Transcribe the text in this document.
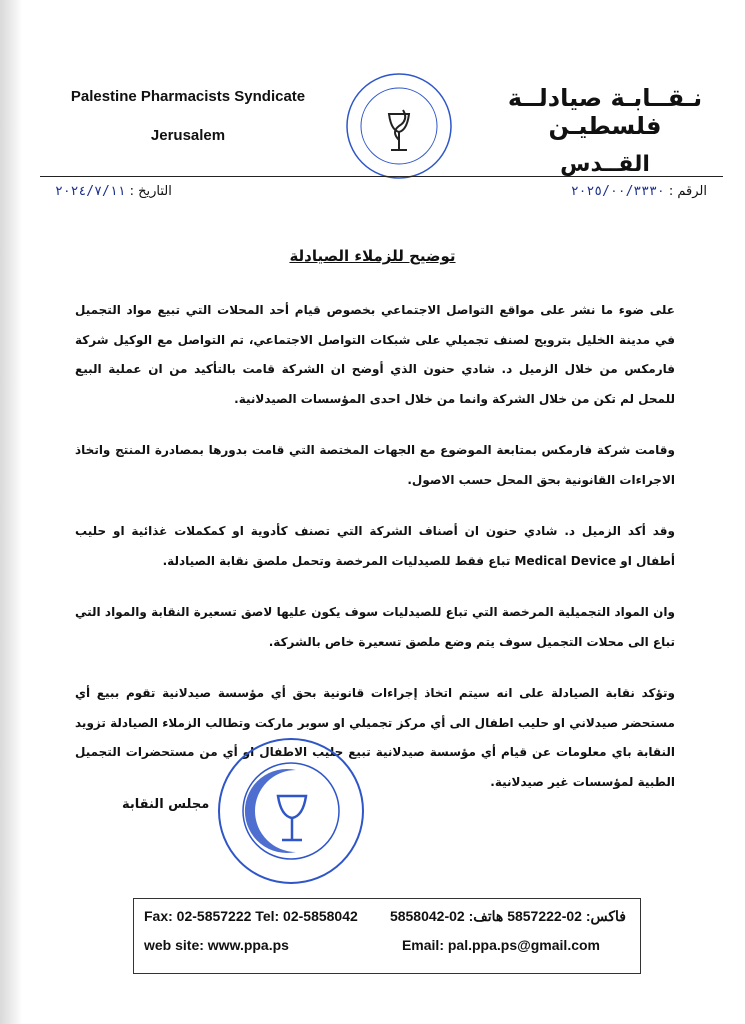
Palestine Pharmacists Syndicate
Jerusalem
نـقــابـة صيادلــة فلسطيـن
القــدس
الرقم : ٢٠٢٥/٠٠/٣٣٣٠
التاريخ : ٢٠٢٤/٧/١١
توضيح للزملاء الصيادلة

على ضوء ما نشر على مواقع التواصل الاجتماعي بخصوص قيام أحد المحلات التي تبيع مواد التجميل في مدينة الخليل بترويج لصنف تجميلي على شبكات التواصل الاجتماعي، تم التواصل مع الوكيل شركة فارمكس من خلال الزميل د. شادي حنون الذي أوضح ان الشركة قامت بالتأكيد من ان عملية البيع للمحل لم تكن من خلال الشركة وانما من خلال احدى المؤسسات الصيدلانية.

وقامت شركة فارمكس بمتابعة الموضوع مع الجهات المختصة التي قامت بدورها بمصادرة المنتج واتخاذ الاجراءات القانونية بحق المحل حسب الاصول.

وقد أكد الزميل د. شادي حنون ان أصناف الشركة التي تصنف كأدوية او كمكملات غذائية او حليب أطفال او Medical Device تباع فقط للصيدليات المرخصة وتحمل ملصق نقابة الصيادلة.

وان المواد التجميلية المرخصة التي تباع للصيدليات سوف يكون عليها لاصق تسعيرة النقابة والمواد التي تباع الى محلات التجميل سوف يتم وضع ملصق تسعيرة خاص بالشركة.

وتؤكد نقابة الصيادلة على انه سيتم اتخاذ إجراءات قانونية بحق أي مؤسسة صيدلانية تقوم ببيع أي مستحضر صيدلاني او حليب اطفال الى أي مركز تجميلي او سوبر ماركت وتطالب الزملاء الصيادلة تزويد النقابة باي معلومات عن قيام أي مؤسسة صيدلانية تبيع حليب الاطفال او أي من مستحضرات التجميل الطبية لمؤسسات غير صيدلانية.

مجلس النقابة
Fax: 02-5857222 Tel: 02-5858042 فاكس: 02-5857222 هاتف: 02-5858042
web site: www.ppa.ps	Email: pal.ppa.ps@gmail.com
